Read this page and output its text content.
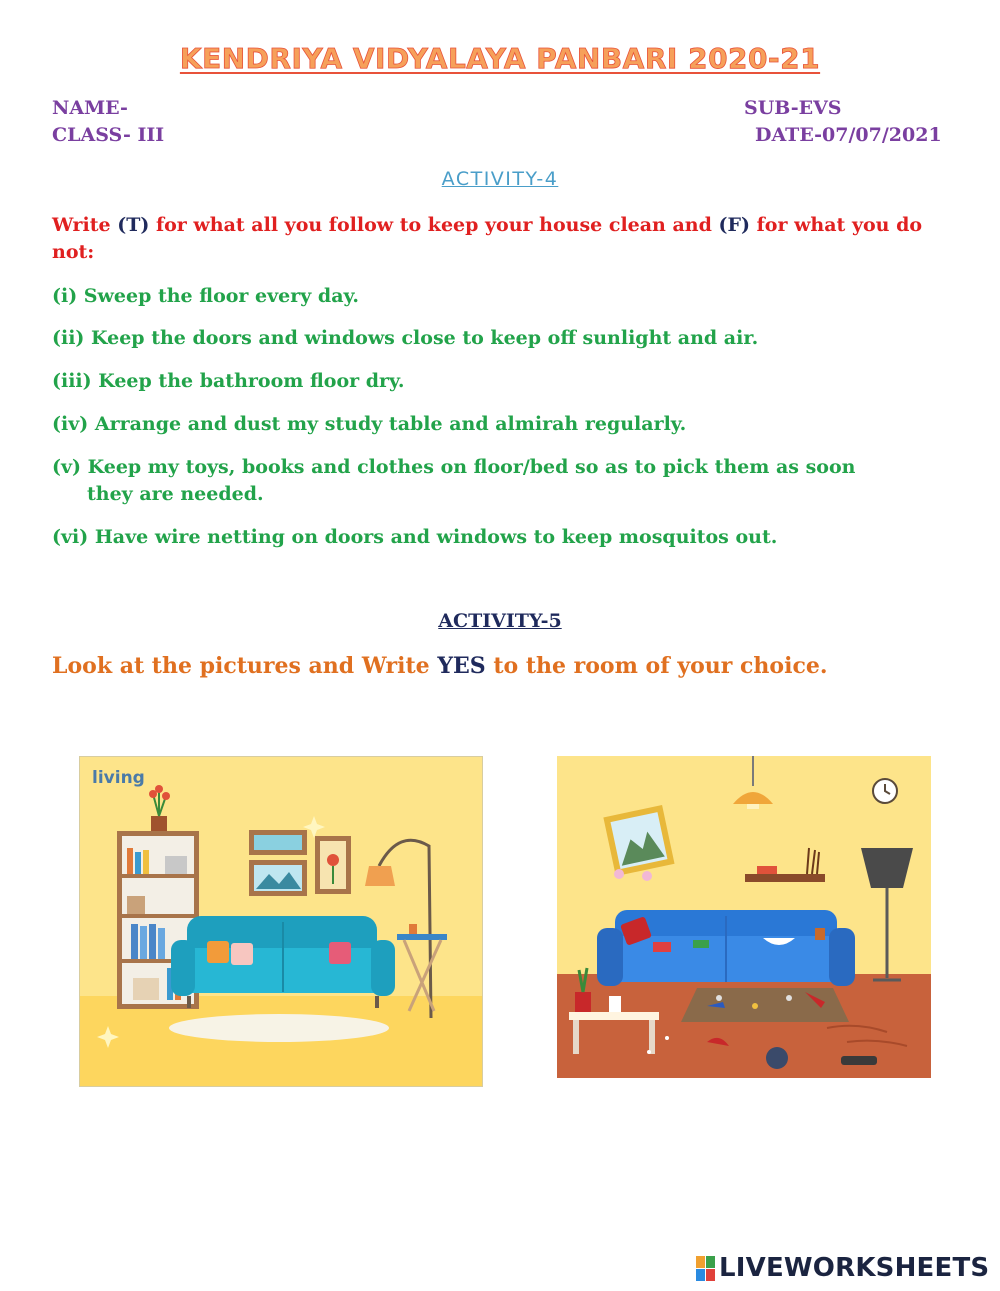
KENDRIYA VIDYALAYA PANBARI 2020-21
NAME-
CLASS- III
SUB-EVS
DATE-07/07/2021
ACTIVITY-4
Write (T) for what all you follow to keep your house clean and (F) for what you do not:
(i) Sweep the floor every day.
(ii) Keep the doors and windows close to keep off sunlight and air.
(iii) Keep the bathroom floor dry.
(iv) Arrange and dust my study table and almirah regularly.
(v) Keep my toys, books and clothes on floor/bed so as to pick them as soon
they are needed.
(vi) Have wire netting on doors and windows to keep mosquitos out.
ACTIVITY-5
Look at the pictures and Write YES to the room of your choice.
living
LIVEWORKSHEETS
